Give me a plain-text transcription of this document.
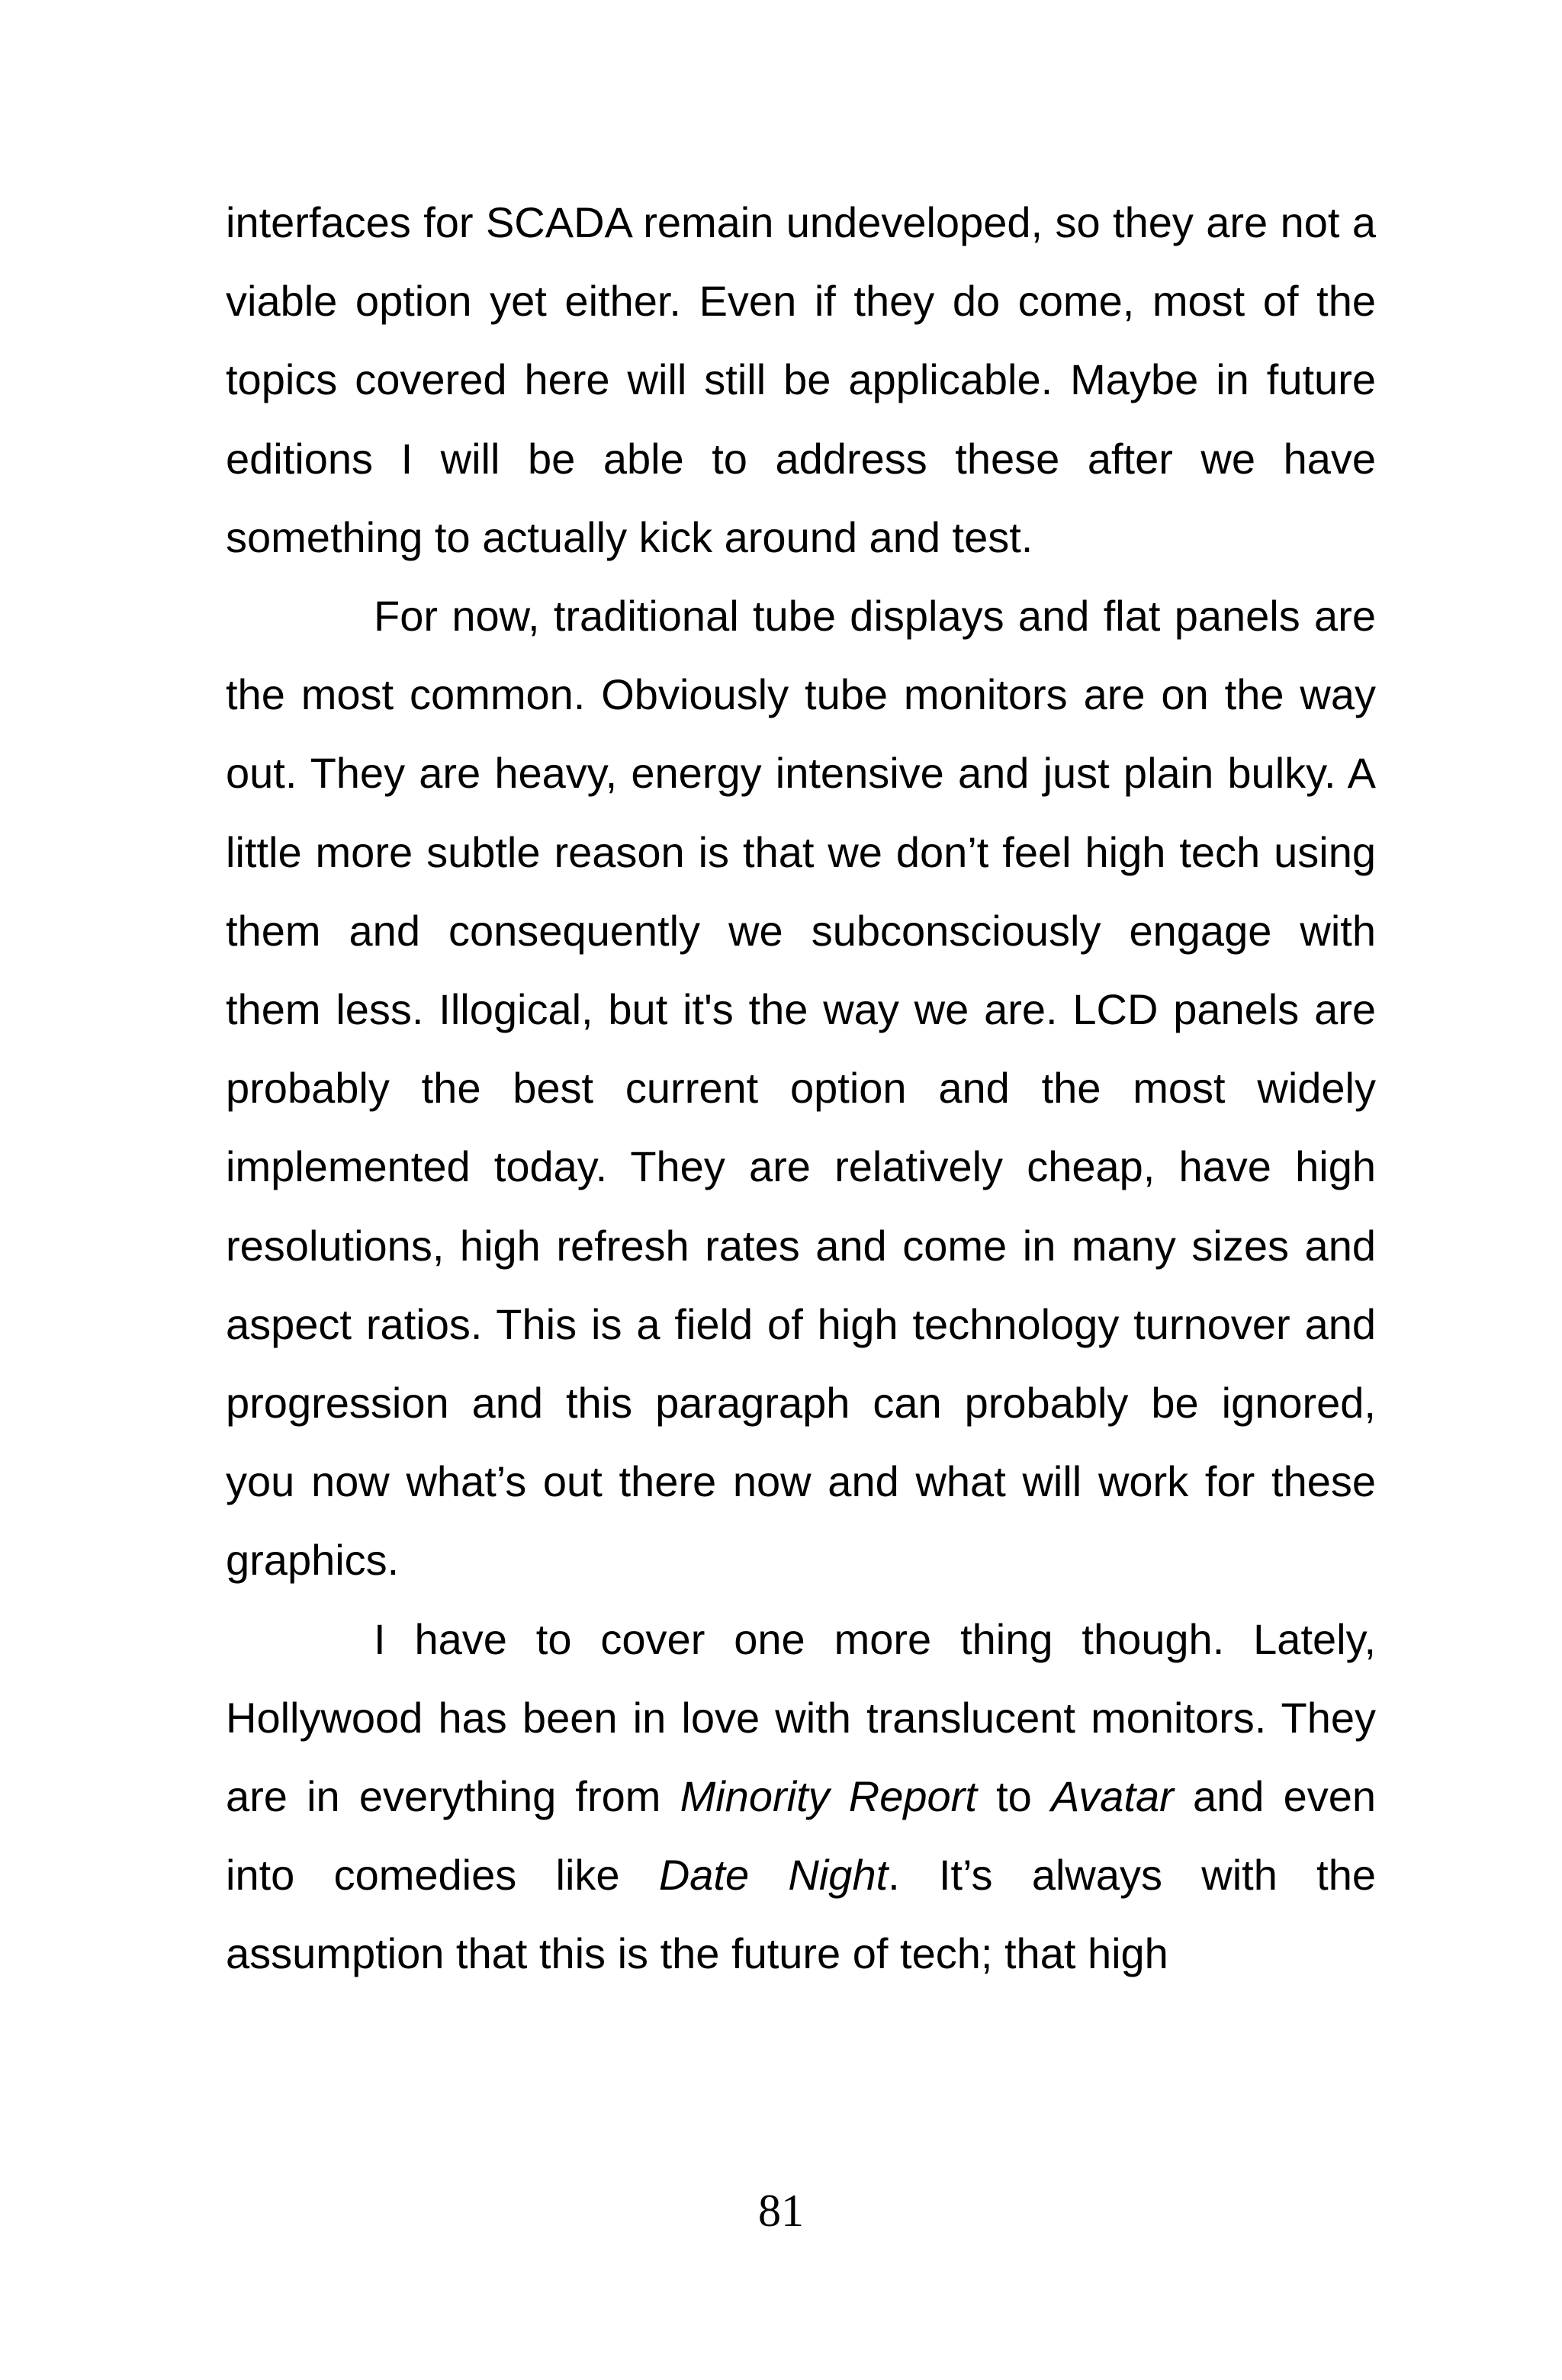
interfaces for SCADA remain undeveloped, so they are not a viable option yet either. Even if they do come, most of the topics covered here will still be applicable. Maybe in future editions I will be able to address these after we have something to actually kick around and test.

For now, traditional tube displays and flat panels are the most common. Obviously tube monitors are on the way out. They are heavy, energy intensive and just plain bulky. A little more subtle reason is that we don’t feel high tech using them and consequently we subconsciously engage with them less. Illogical, but it's the way we are. LCD panels are probably the best current option and the most widely implemented today. They are relatively cheap, have high resolutions, high refresh rates and come in many sizes and aspect ratios. This is a field of high technology turnover and progression and this paragraph can probably be ignored, you now what’s out there now and what will work for these graphics.

I have to cover one more thing though. Lately, Hollywood has been in love with translucent monitors. They are in everything from Minority Report to Avatar and even into comedies like Date Night. It’s always with the assumption that this is the future of tech; that high

81
